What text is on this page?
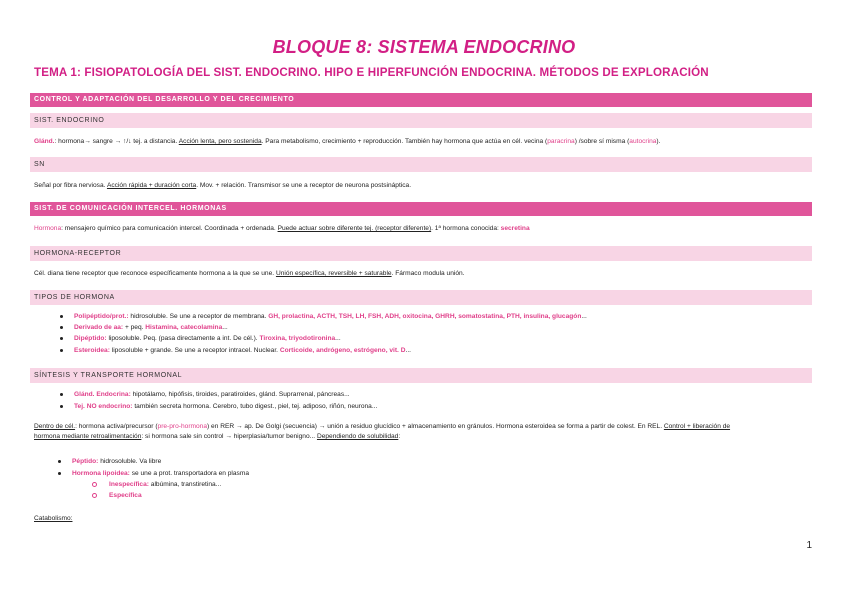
BLOQUE 8: SISTEMA ENDOCRINO
TEMA 1: FISIOPATOLOGÍA DEL SIST. ENDOCRINO. HIPO E HIPERFUNCIÓN ENDOCRINA. MÉTODOS DE EXPLORACIÓN
CONTROL Y ADAPTACIÓN DEL DESARROLLO Y DEL CRECIMIENTO
SIST. ENDOCRINO
Glánd.: hormona→ sangre → ↑/↓ tej. a distancia. Acción lenta, pero sostenida. Para metabolismo, crecimiento + reproducción. También hay hormona que actúa en cél. vecina (paracrina) /sobre sí misma (autocrina).
SN
Señal por fibra nerviosa. Acción rápida + duración corta. Mov. + relación. Transmisor se une a receptor de neurona postsináptica.
SIST. DE COMUNICACIÓN INTERCEL. HORMONAS
Hormona: mensajero químico para comunicación intercel. Coordinada + ordenada. Puede actuar sobre diferente tej. (receptor diferente). 1ª hormona conocida: secretina
HORMONA-RECEPTOR
Cél. diana tiene receptor que reconoce específicamente hormona a la que se une. Unión específica, reversible + saturable. Fármaco modula unión.
TIPOS DE HORMONA
Polipéptido/prot.: hidrosoluble. Se une a receptor de membrana. GH, prolactina, ACTH, TSH, LH, FSH, ADH, oxitocina, GHRH, somatostatina, PTH, insulina, glucagón...
Derivado de aa: + peq. Histamina, catecolamina...
Dipéptido: liposoluble. Peq. (pasa directamente a int. De cél.). Tiroxina, triyodotironina...
Esteroidea: liposoluble + grande. Se une a receptor intracel. Nuclear. Corticoide, andrógeno, estrógeno, vit. D...
SÍNTESIS Y TRANSPORTE HORMONAL
Glánd. Endocrina: hipotálamo, hipófisis, tiroides, paratiroides, glánd. Suprarrenal, páncreas...
Tej. NO endocrino: también secreta hormona. Cerebro, tubo digest., piel, tej. adiposo, riñón, neurona...
Dentro de cél.: hormona activa/precursor (pre-pro-hormona) en RER → ap. De Golgi (secuencia) → unión a residuo glucídico + almacenamiento en gránulos. Hormona esteroidea se forma a partir de colest. En REL. Control + liberación de
hormona mediante retroalimentación: si hormona sale sin control → hiperplasia/tumor benigno... Dependiendo de solubilidad:
Péptido: hidrosoluble. Va libre
Hormona lipoidea: se une a prot. transportadora en plasma
Inespecífica: albúmina, transtiretina...
Específica
Catabolismo:
1
